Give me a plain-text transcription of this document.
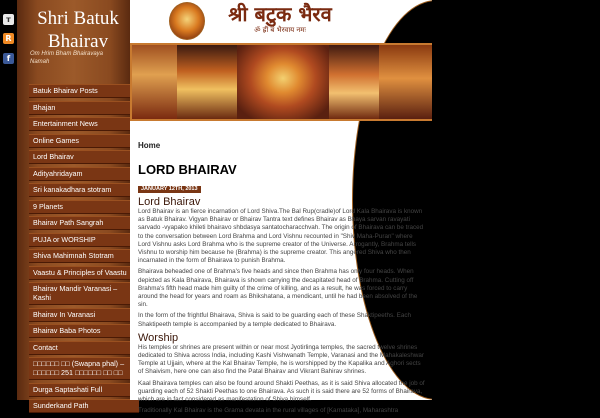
ᴛ
R
f
Shri Batuk Bhairav
Om Hrim Bham Bhairavaya Namah
Batuk Bhairav Posts
Bhajan
Entertainment News
Online Games
Lord Bhairav
Adityahridayam
Sri kanakadhara stotram
9 Planets
Bhairav Path Sangrah
PUJA or WORSHIP
Shiva Mahimnah Stotram
Vaastu & Principles of Vaastu
Bhairav Mandir Varanasi – Kashi
Bhairav In Varanasi
Bhairav Baba Photos
Contact
□□□□□□ □□ (Swapna phal) – □□□□□□ 251 □□□□□□ □□ □□
Durga Saptashati Full
Sunderkand Path
श्री बटुक भैरव
ॐ ह्रीं बं भैरवाय नमः
Home
LORD BHAIRAV
JANUARY 12TH, 2013
Lord Bhairav

Lord Bhairav is an fierce incarnation of Lord Shiva.The Bal Rup(cradle)of Lord Kala Bhairava is known as Batuk Bhairav. Vigyan Bhairav or Bhairav Tantra text defines Bhairav as Bhaya sarvan ravayati sarvado -vyapako khileti bhairavo shbdasya santatocharacchvah. The origin of Bhairava can be traced to the conversation between Lord Brahma and Lord Vishnu recounted in "Shiv Maha-Puran" where Lord Vishnu asks Lord Brahma who is the supreme creator of the Universe. Arrogantly, Brahma tells Vishnu to worship him because he (Brahma) is the supreme creator. This angered Shiva who then incarnated in the form of Bhairava to punish Brahma.

Bhairava beheaded one of Brahma's five heads and since then Brahma has only four heads. When depicted as Kala Bhairava, Bhairava is shown carrying the decapitated head of Brahma. Cutting off Brahma's fifth head made him guilty of the crime of killing, and as a result, he was forced to carry around the head for years and roam as Bhikshatana, a mendicant, until he had been absolved of the sin.

In the form of the frightful Bhairava, Shiva is said to be guarding each of these Shaktipeeths. Each Shaktipeeth temple is accompanied by a temple dedicated to Bhairava.

Worship

His temples or shrines are present within or near most Jyotirlinga temples, the sacred twelve shrines dedicated to Shiva across India, including Kashi Vishwanath Temple, Varanasi and the Mahakaleshwar Temple at Ujjain, where at the Kal Bhairav Temple, he is worshipped by the Kapalika and Aghori sects of Shaivism, here one can also find the Patal Bhairav and Vikrant Bahirav shrines.

Kaal Bhairava temples can also be found around Shakti Peethas, as it is said Shiva allocated the job of guarding each of 52 Shakti Peethas to one Bhairava. As such it is said there are 52 forms of Bhairava, which are in fact considered as manifestation of Shiva himself.

Traditionally Kal Bhairav is the Grama devata in the rural villages of [Karnataka], Maharashtra
